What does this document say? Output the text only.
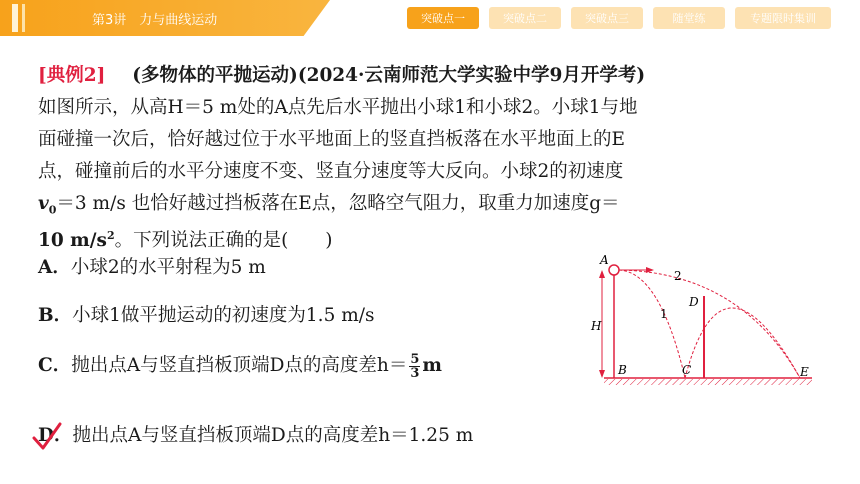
第3讲　力与曲线运动	突破点一	突破点二	突破点三	随堂练	专题限时集训
[典例2] (多物体的平抛运动)(2024·云南师范大学实验中学9月开学考)
如图所示，从高H＝5 m处的A点先后水平抛出小球1和小球2。小球1与地
面碰撞一次后，恰好越过位于水平地面上的竖直挡板落在水平地面上的E
点，碰撞前后的水平分速度不变、竖直分速度等大反向。小球2的初速度
$v_0=3$ m/s 也恰好越过挡板落在E点，忽略空气阻力，取重力加速度g＝
10 $m/s^2$。下列说法正确的是(　　)
A．小球2的水平射程为5 m
B．小球1做平抛运动的初速度为1.5 m/s
C．抛出点A与竖直挡板顶端D点的高度差$h= \frac{5}{3}$ m
D．抛出点A与竖直挡板顶端D点的高度差h＝1.25 m
A
H
B	C
D
E
1
2
